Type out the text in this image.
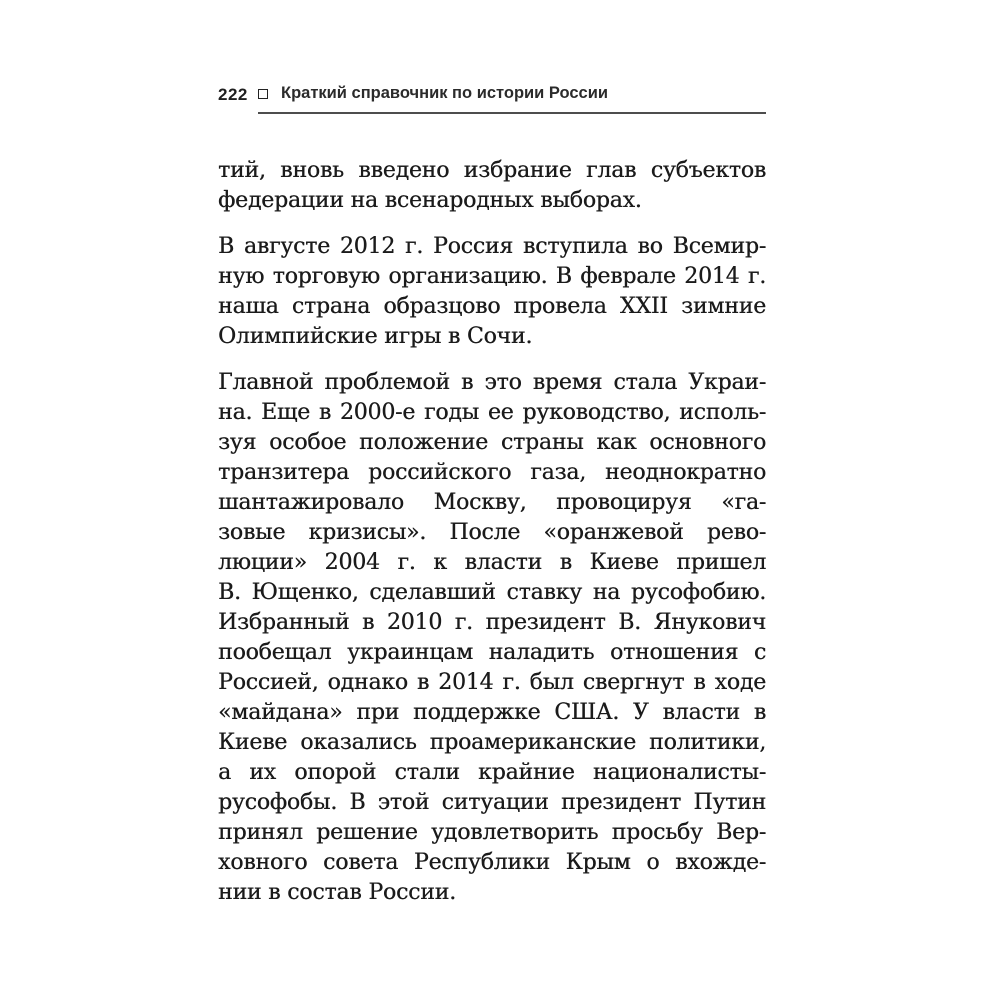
222	Краткий справочник по истории России
тий, вновь введено избрание глав субъектов
федерации на всенародных выборах.
В августе 2012 г. Россия вступила во Всемир-
ную торговую организацию. В феврале 2014 г.
наша страна образцово провела XXII зимние
Олимпийские игры в Сочи.
Главной проблемой в это время стала Украи-
на. Еще в 2000-е годы ее руководство, исполь-
зуя особое положение страны как основного
транзитера российского газа, неоднократно
шантажировало Москву, провоцируя «га-
зовые кризисы». После «оранжевой рево-
люции» 2004 г. к власти в Киеве пришел
В. Ющенко, сделавший ставку на русофобию.
Избранный в 2010 г. президент В. Янукович
пообещал украинцам наладить отношения с
Россией, однако в 2014 г. был свергнут в ходе
«майдана» при поддержке США. У власти в
Киеве оказались проамериканские политики,
а их опорой стали крайние националисты-
русофобы. В этой ситуации президент Путин
принял решение удовлетворить просьбу Вер-
ховного совета Республики Крым о вхожде-
нии в состав России.
